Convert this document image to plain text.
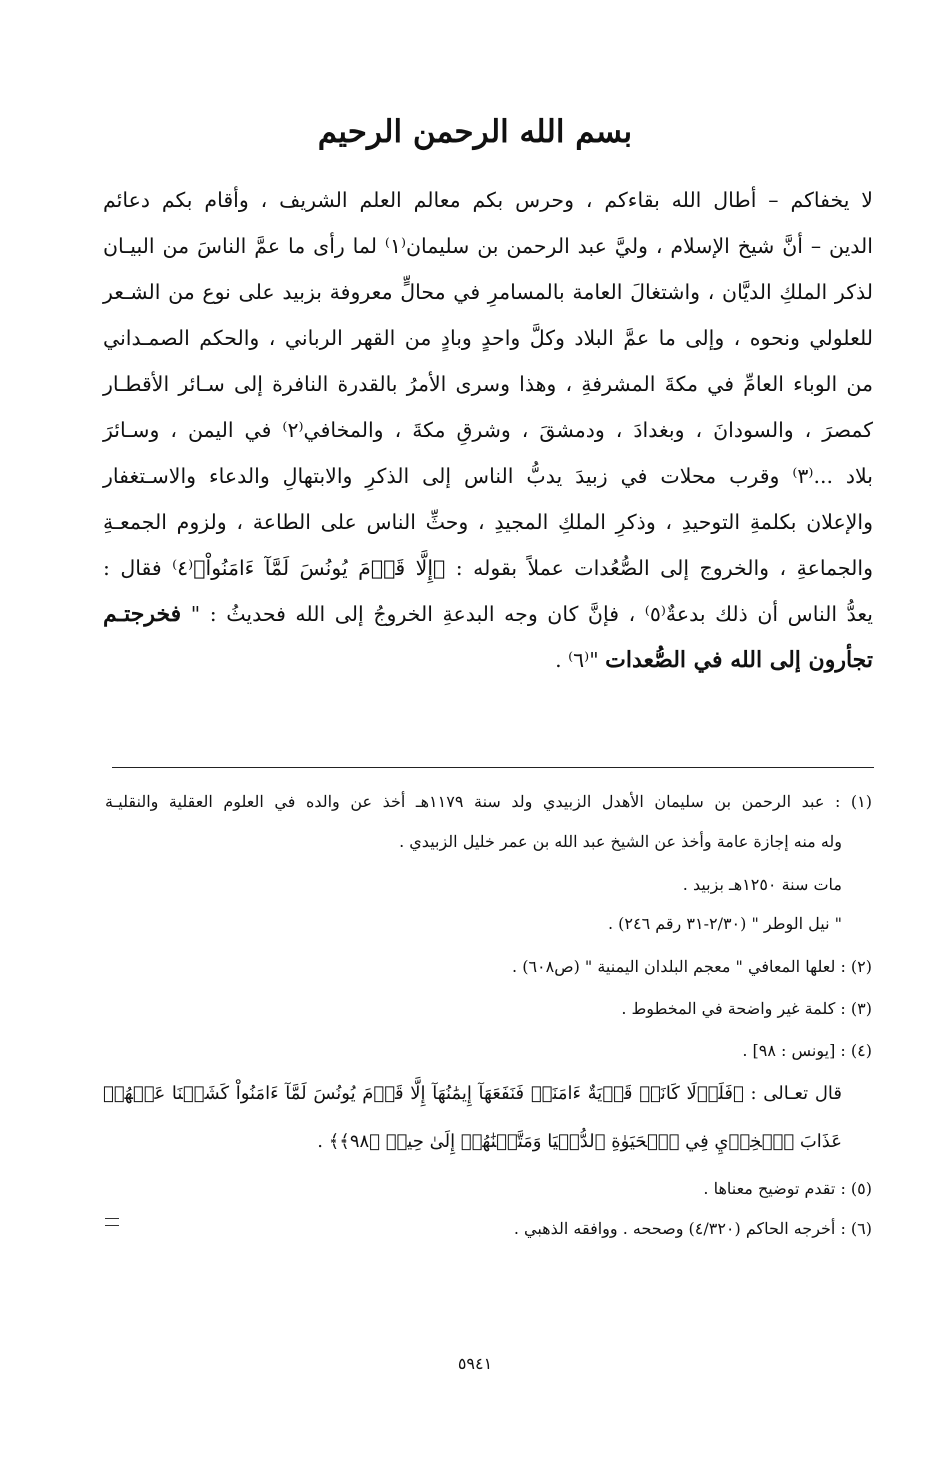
بسم الله الرحمن الرحيم
لا يخفاكم – أطال الله بقاءكم ، وحرس بكم معالم العلم الشريف ، وأقام بكم دعائم
الدين – أنَّ شيخ الإسلام ، وليَّ عبد الرحمن بن سليمان⁽١⁾ لما رأى ما عمَّ الناسَ من البيـان
لذكر الملكِ الديَّان ، واشتغالَ العامة بالمسامرِ في محالٍّ معروفة بزبيد على نوع من الشـعر
للعلولي ونحوه ، وإلى ما عمَّ البلاد وكلَّ واحدٍ وبادٍ من القهر الرباني ، والحكم الصمـداني
من الوباء العامِّ في مكةَ المشرفةِ ، وهذا وسرى الأمرُ بالقدرة النافرة إلى سـائر الأقطـار
كمصرَ ، والسودانَ ، وبغدادَ ، ودمشقَ ، وشرقِ مكةَ ، والمخافي⁽٢⁾ في اليمن ، وسـائرَ
بلاد ...⁽٣⁾ وقرب محلات في زبيدَ يدبُّ الناس إلى الذكرِ والابتهالِ والدعاء والاسـتغفار
والإعلان بكلمةِ التوحيدِ ، وذكرِ الملكِ المجيدِ ، وحثِّ الناس على الطاعة ، ولزوم الجمعـةِ
والجماعةِ ، والخروج إلى الصُّعُدات عملاً بقوله : ﴿إِلَّا قَوۡمَ يُونُسَ لَمَّآ ءَامَنُواْ﴾⁽٤⁾ فقال :
يعدُّ الناس أن ذلك بدعةٌ⁽٥⁾ ، فإنَّ كان وجه البدعةِ الخروجُ إلى الله فحديثُ : " فخرجتـم
تجأرون إلى الله في الصُّعدات "⁽٦⁾ .
(١) : عبد الرحمن بن سليمان الأهدل الزبيدي ولد سنة ١١٧٩هـ أخذ عن والده في العلوم العقلية والنقليـة
وله منه إجازة عامة وأخذ عن الشيخ عبد الله بن عمر خليل الزبيدي .
مات سنة ١٢٥٠هـ بزبيد .
" نيل الوطر " (٢/٣٠-٣١ رقم ٢٤٦) .
(٢) : لعلها المعافي " معجم البلدان اليمنية " (ص٦٠٨) .
(٣) : كلمة غير واضحة في المخطوط .
(٤) : [يونس : ٩٨] .
قال تعـالى : ﴿فَلَوۡلَا كَانَتۡ قَرۡيَةٌ ءَامَنَتۡ فَنَفَعَهَآ إِيمَٰنُهَآ إِلَّا قَوۡمَ يُونُسَ لَمَّآ ءَامَنُواْ كَشَفۡنَا عَنۡهُمۡ
عَذَابَ ٱلۡخِزۡيِ فِي ٱلۡحَيَوٰةِ ٱلدُّنۡيَا وَمَتَّعۡنَٰهُمۡ إِلَىٰ حِينٖ ﴿٩٨﴾﴾ .
(٥) : تقدم توضيح معناها .
(٦) : أخرجه الحاكم (٤/٣٢٠) وصححه . ووافقه الذهبي .
٥٩٤١
